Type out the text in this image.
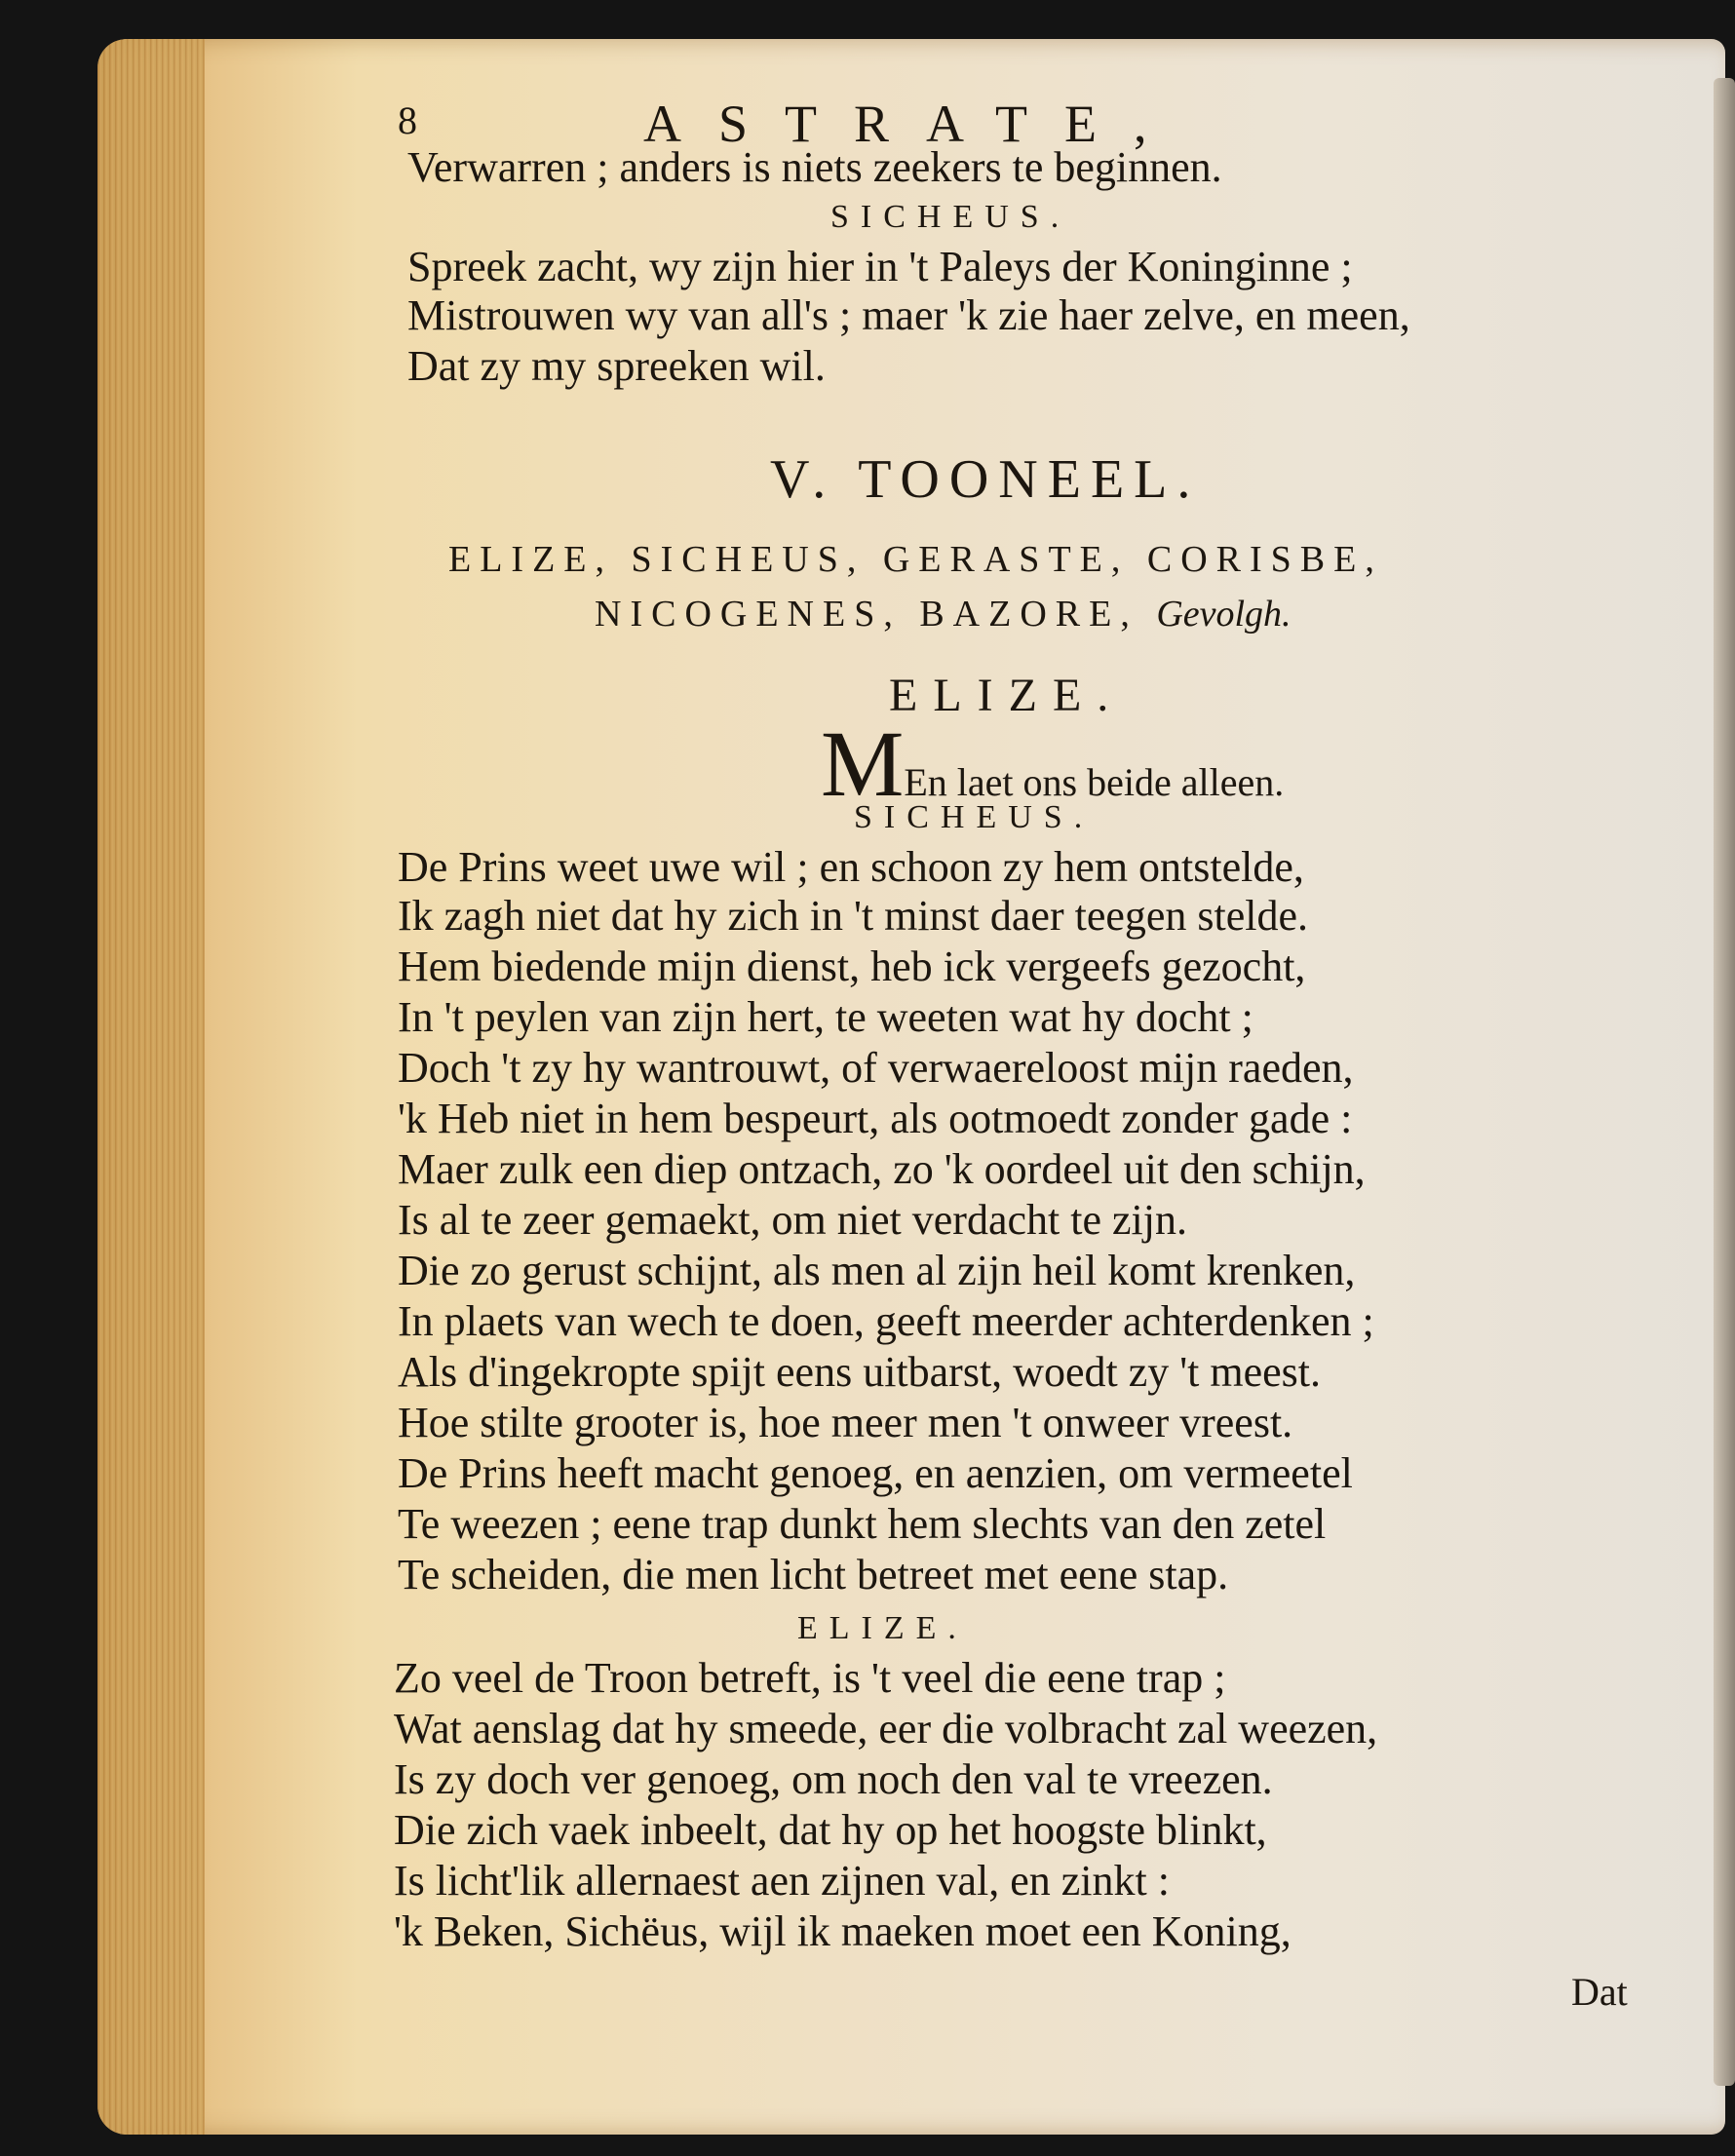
8	ASTRATE,
Verwarren ; anders is niets zeekers te beginnen.
SICHEUS.
Spreek zacht, wy zijn hier in 't Paleys der Koninginne ;
Mistrouwen wy van all's ; maer 'k zie haer zelve, en meen,
Dat zy my spreeken wil.
V. TOONEEL.
ELIZE, SICHEUS, GERASTE, CORISBE,
NICOGENES, BAZORE, Gevolgh.
ELIZE.
MEn laet ons beide alleen.
SICHEUS.
De Prins weet uwe wil ; en schoon zy hem ontstelde,
Ik zagh niet dat hy zich in 't minst daer teegen stelde.
Hem biedende mijn dienst, heb ick vergeefs gezocht,
In 't peylen van zijn hert, te weeten wat hy docht ;
Doch 't zy hy wantrouwt, of verwaereloost mijn raeden,
'k Heb niet in hem bespeurt, als ootmoedt zonder gade :
Maer zulk een diep ontzach, zo 'k oordeel uit den schijn,
Is al te zeer gemaekt, om niet verdacht te zijn.
Die zo gerust schijnt, als men al zijn heil komt krenken,
In plaets van wech te doen, geeft meerder achterdenken ;
Als d'ingekropte spijt eens uitbarst, woedt zy 't meest.
Hoe stilte grooter is, hoe meer men 't onweer vreest.
De Prins heeft macht genoeg, en aenzien, om vermeetel
Te weezen ; eene trap dunkt hem slechts van den zetel
Te scheiden, die men licht betreet met eene stap.
ELIZE.
Zo veel de Troon betreft, is 't veel die eene trap ;
Wat aenslag dat hy smeede, eer die volbracht zal weezen,
Is zy doch ver genoeg, om noch den val te vreezen.
Die zich vaek inbeelt, dat hy op het hoogste blinkt,
Is licht'lik allernaest aen zijnen val, en zinkt :
'k Beken, Sichëus, wijl ik maeken moet een Koning,
Dat
